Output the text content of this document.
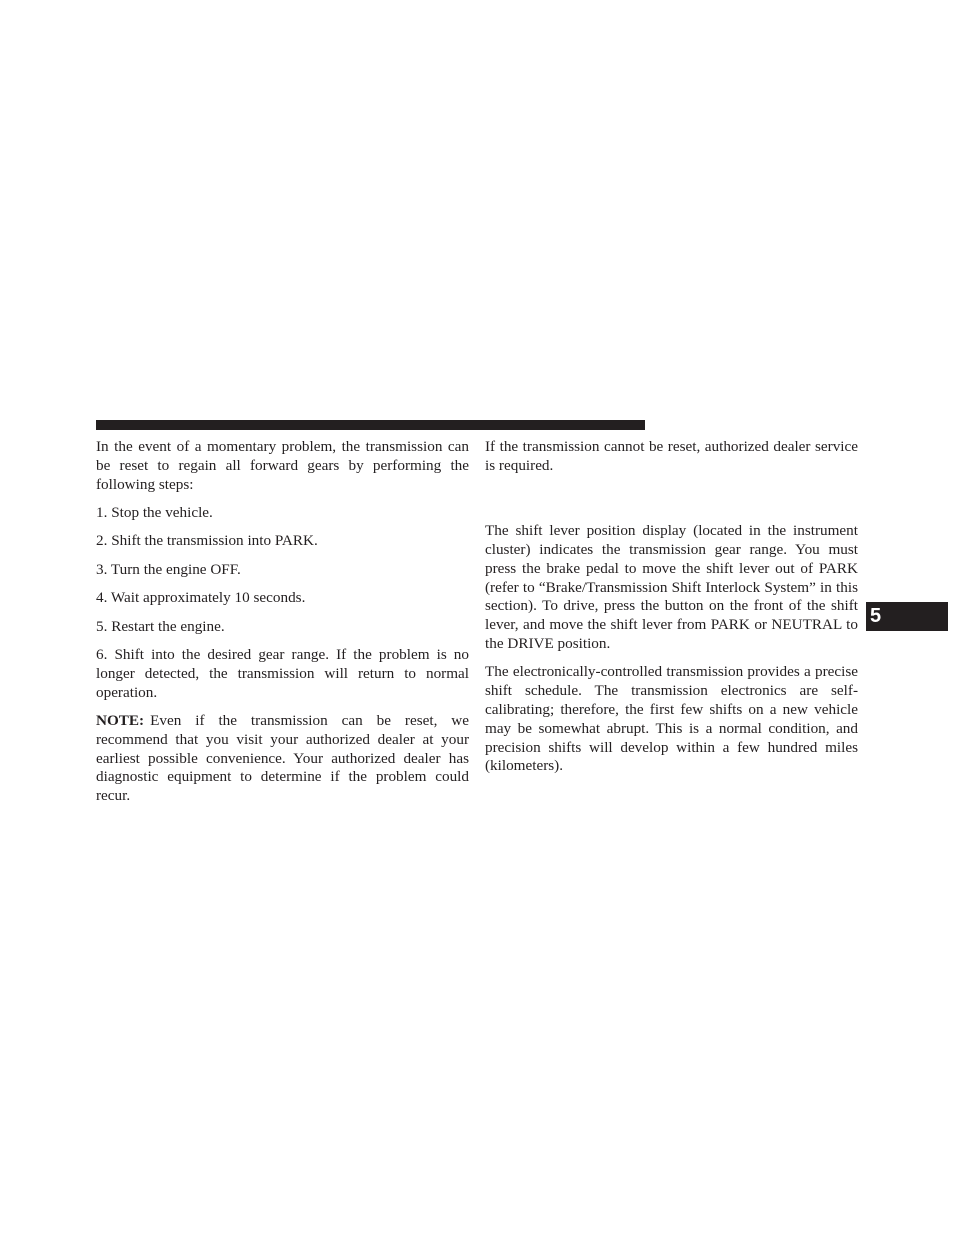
In the event of a momentary problem, the transmission can be reset to regain all forward gears by performing the following steps:

1. Stop the vehicle.

2. Shift the transmission into PARK.

3. Turn the engine OFF.

4. Wait approximately 10 seconds.

5. Restart the engine.

6. Shift into the desired gear range. If the problem is no longer detected, the transmission will return to normal operation.

NOTE: Even if the transmission can be reset, we recommend that you visit your authorized dealer at your earliest possible convenience. Your authorized dealer has diagnostic equipment to determine if the problem could recur.

If the transmission cannot be reset, authorized dealer service is required.

The shift lever position display (located in the instrument cluster) indicates the transmission gear range. You must press the brake pedal to move the shift lever out of PARK (refer to “Brake/Transmission Shift Interlock System” in this section). To drive, press the button on the front of the shift lever, and move the shift lever from PARK or NEUTRAL to the DRIVE position.

The electronically-controlled transmission provides a precise shift schedule. The transmission electronics are self-calibrating; therefore, the first few shifts on a new vehicle may be somewhat abrupt. This is a normal condition, and precision shifts will develop within a few hundred miles (kilometers).

5
